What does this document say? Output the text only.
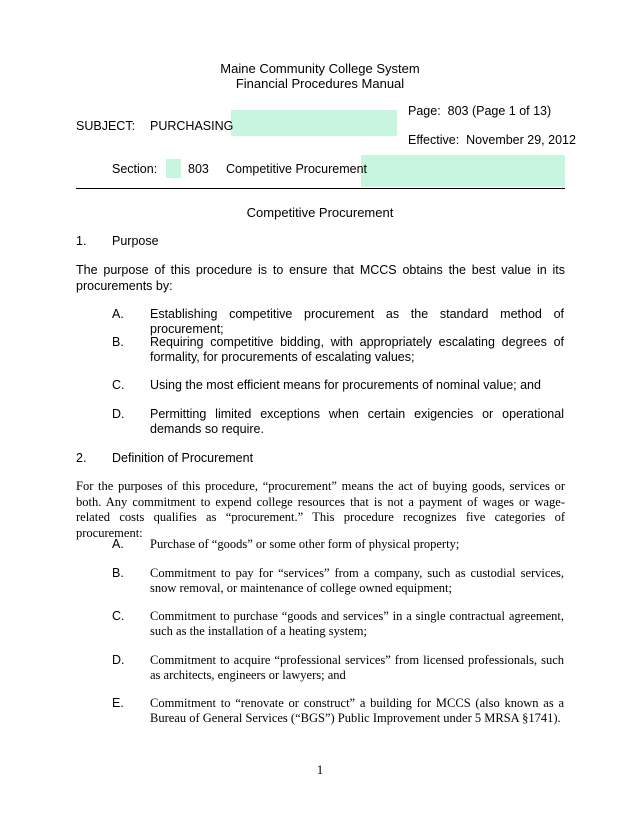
Maine Community College System
Financial Procedures Manual
SUBJECT: PURCHASING
Page: 803 (Page 1 of 13)
Effective: November 29, 2012
Section: 803 Competitive Procurement
Competitive Procurement
1. Purpose
The purpose of this procedure is to ensure that MCCS obtains the best value in its procurements by:
A. Establishing competitive procurement as the standard method of procurement;
B. Requiring competitive bidding, with appropriately escalating degrees of formality, for procurements of escalating values;
C. Using the most efficient means for procurements of nominal value; and
D. Permitting limited exceptions when certain exigencies or operational demands so require.
2. Definition of Procurement
For the purposes of this procedure, “procurement” means the act of buying goods, services or both. Any commitment to expend college resources that is not a payment of wages or wage-related costs qualifies as “procurement.” This procedure recognizes five categories of procurement:
A. Purchase of “goods” or some other form of physical property;
B. Commitment to pay for “services” from a company, such as custodial services, snow removal, or maintenance of college owned equipment;
C. Commitment to purchase “goods and services” in a single contractual agreement, such as the installation of a heating system;
D. Commitment to acquire “professional services” from licensed professionals, such as architects, engineers or lawyers; and
E. Commitment to “renovate or construct” a building for MCCS (also known as a Bureau of General Services (“BGS”) Public Improvement under 5 MRSA §1741).
1
